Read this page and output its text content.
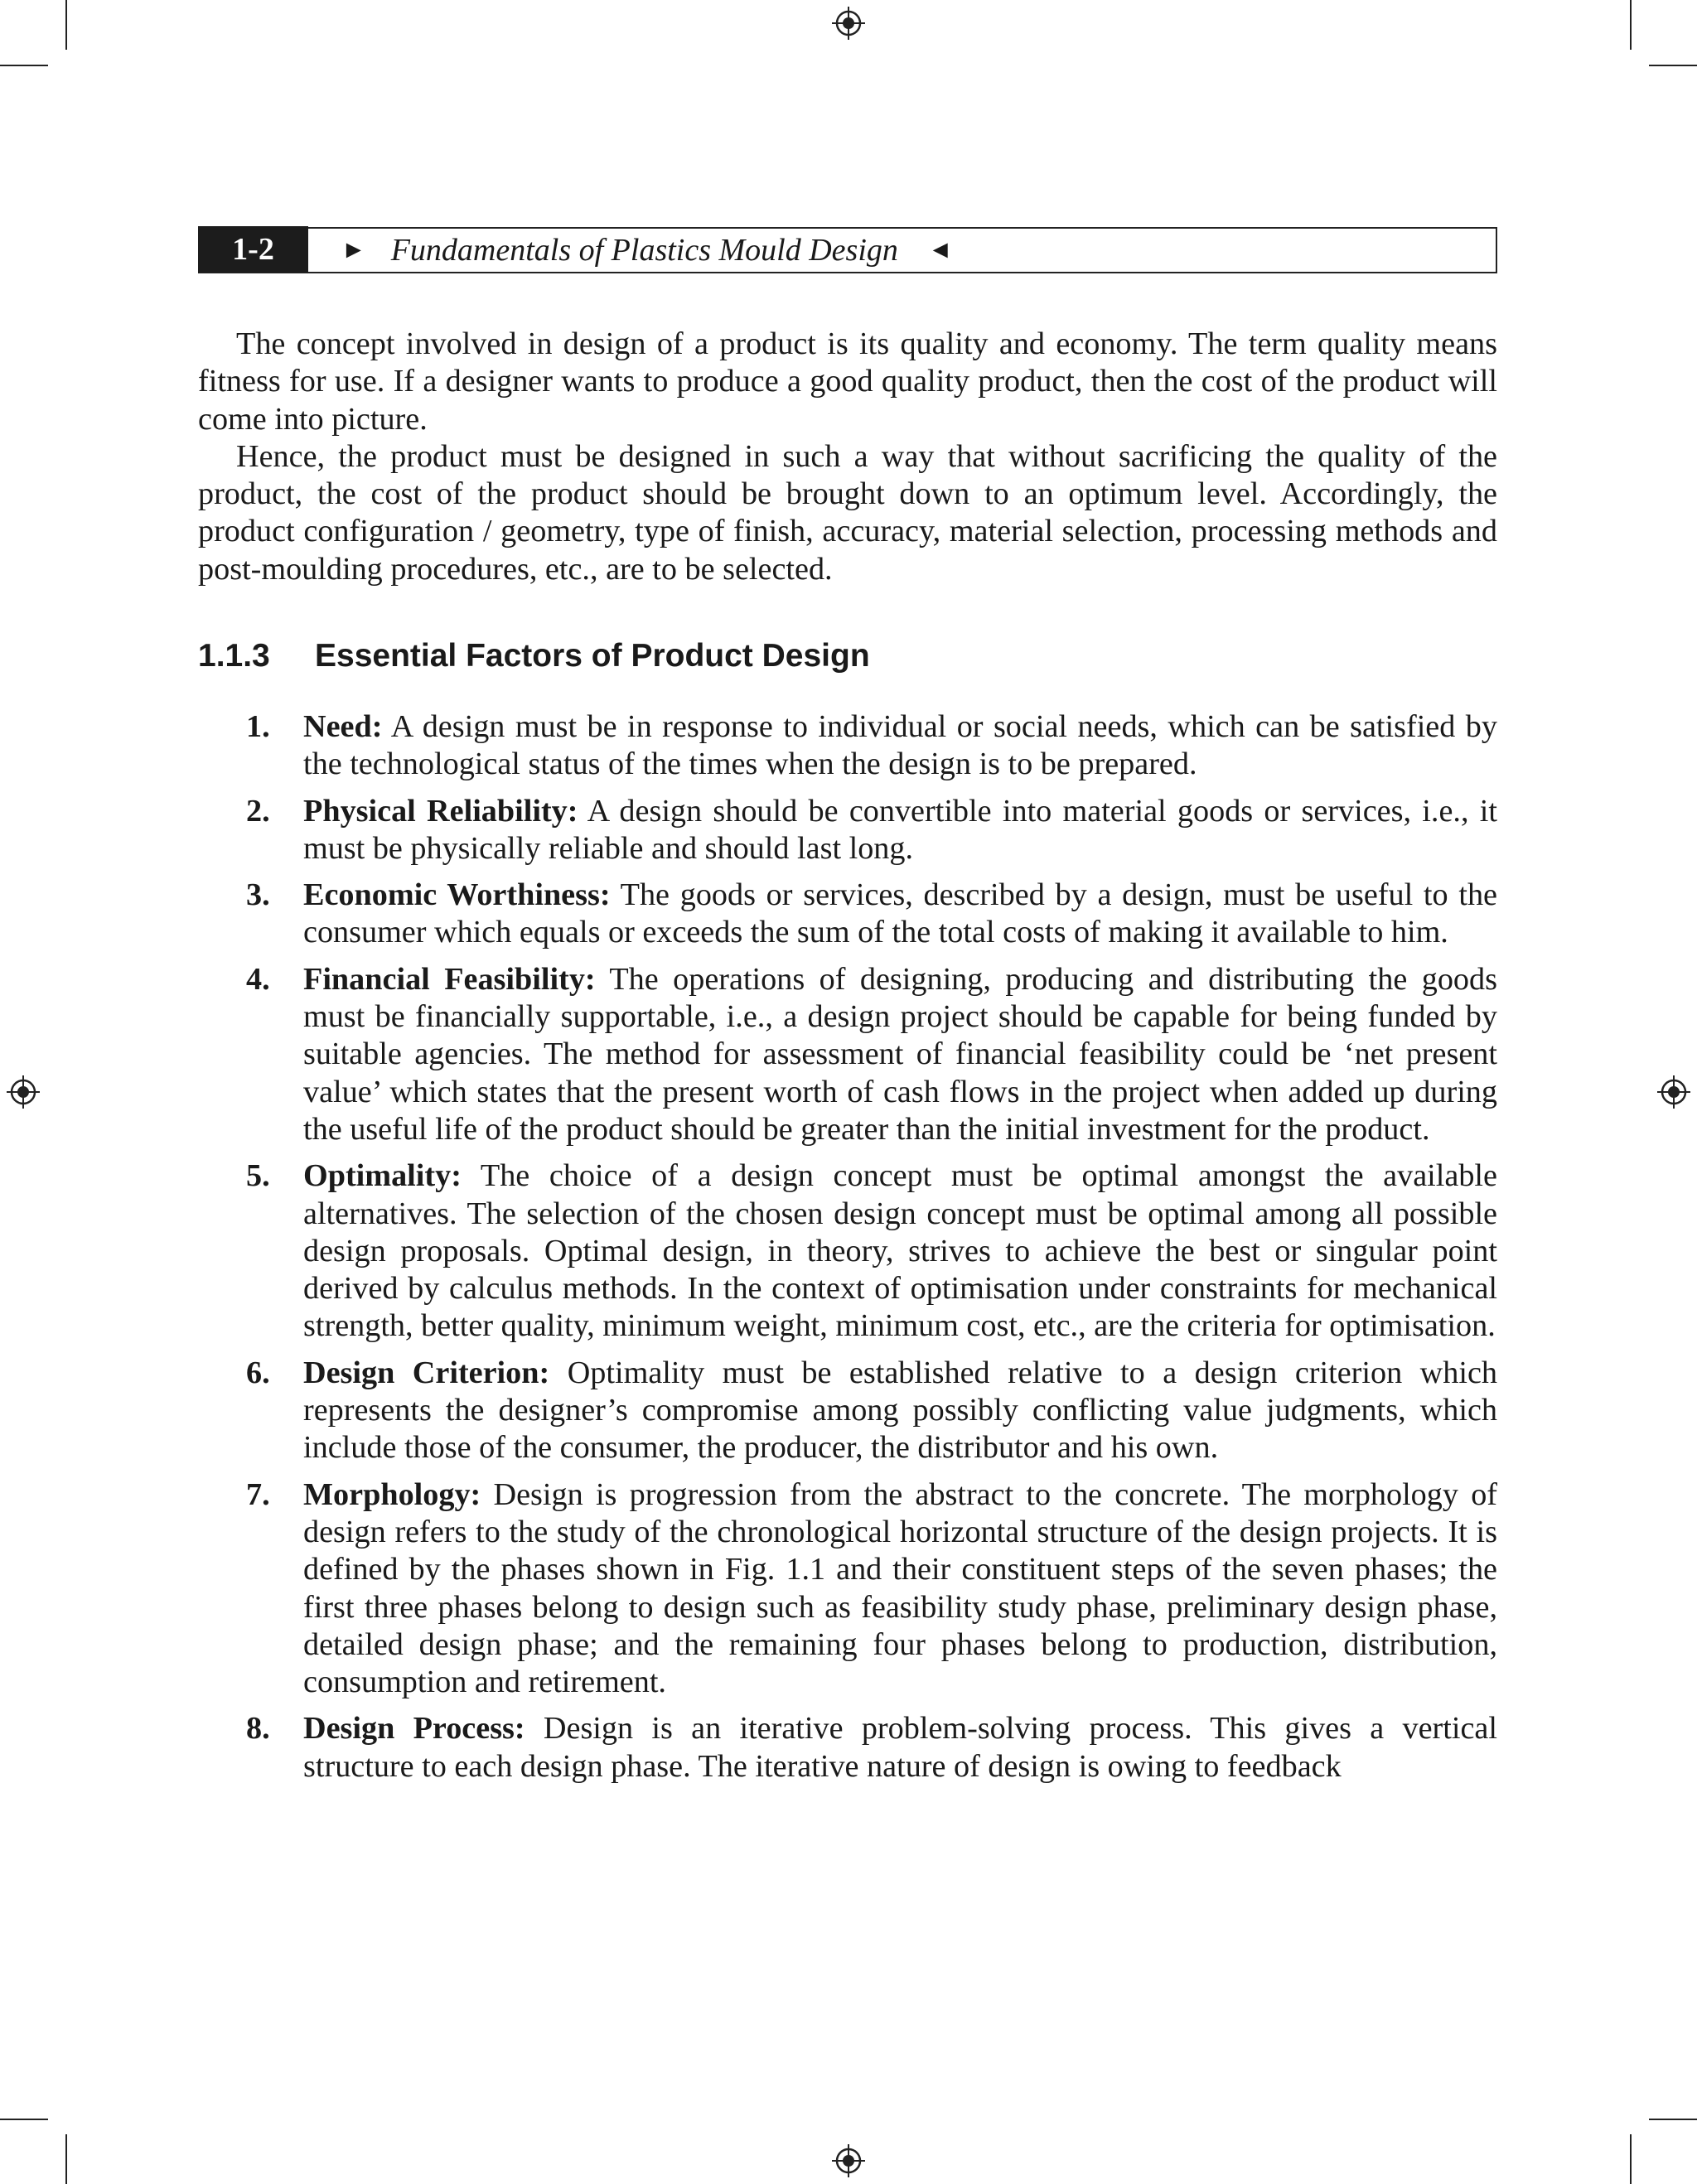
1-2	► Fundamentals of Plastics Mould Design ◄

The concept involved in design of a product is its quality and economy. The term quality means fitness for use. If a designer wants to produce a good quality product, then the cost of the product will come into picture.

Hence, the product must be designed in such a way that without sacrificing the quality of the product, the cost of the product should be brought down to an optimum level. Accordingly, the product configuration / geometry, type of finish, accuracy, material selection, processing methods and post-moulding procedures, etc., are to be selected.

1.1.3	Essential Factors of Product Design
1.	Need: A design must be in response to individual or social needs, which can be satisfied by the technological status of the times when the design is to be prepared.
2.	Physical Reliability: A design should be convertible into material goods or services, i.e., it must be physically reliable and should last long.
3.	Economic Worthiness: The goods or services, described by a design, must be useful to the consumer which equals or exceeds the sum of the total costs of making it available to him.
4.	Financial Feasibility: The operations of designing, producing and distributing the goods must be financially supportable, i.e., a design project should be capable for being funded by suitable agencies. The method for assessment of financial feasibility could be ‘net present value’ which states that the present worth of cash flows in the project when added up during the useful life of the product should be greater than the initial investment for the product.
5.	Optimality: The choice of a design concept must be optimal amongst the available alternatives. The selection of the chosen design concept must be optimal among all possible design proposals. Optimal design, in theory, strives to achieve the best or singular point derived by calculus methods. In the context of optimisation under constraints for mechanical strength, better quality, minimum weight, minimum cost, etc., are the criteria for optimisation.
6.	Design Criterion: Optimality must be established relative to a design criterion which represents the designer’s compromise among possibly conflicting value judgments, which include those of the consumer, the producer, the distributor and his own.
7.	Morphology: Design is progression from the abstract to the concrete. The morphology of design refers to the study of the chronological horizontal structure of the design projects. It is defined by the phases shown in Fig. 1.1 and their constituent steps of the seven phases; the first three phases belong to design such as feasibility study phase, preliminary design phase, detailed design phase; and the remaining four phases belong to production, distribution, consumption and retirement.
8.	Design Process: Design is an iterative problem-solving process. This gives a vertical structure to each design phase. The iterative nature of design is owing to feedback
